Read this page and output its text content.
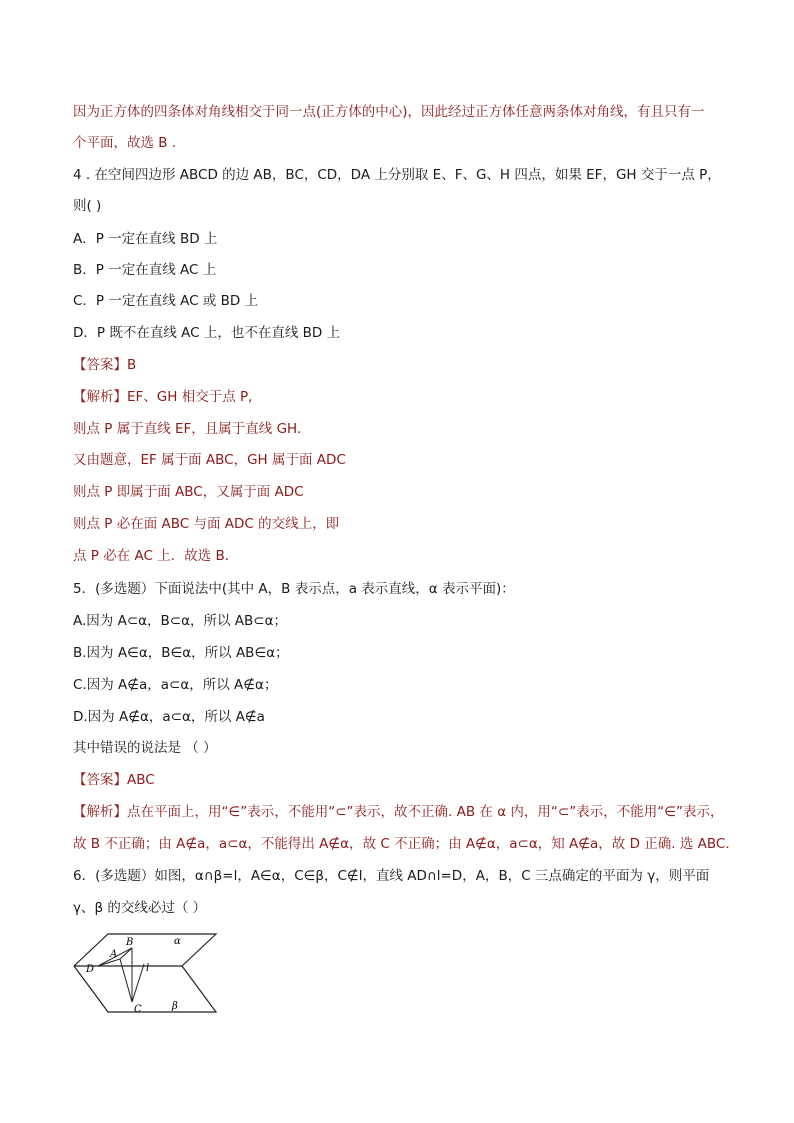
因为正方体的四条体对角线相交于同一点(正方体的中心)，因此经过正方体任意两条体对角线，有且只有一
个平面，故选 B .
4 . 在空间四边形 ABCD 的边 AB，BC，CD，DA 上分别取 E、F、G、H 四点，如果 EF，GH 交于一点 P，
则( )
A．P 一定在直线 BD 上
B．P 一定在直线 AC 上
C．P 一定在直线 AC 或 BD 上
D．P 既不在直线 AC 上，也不在直线 BD 上
【答案】B
【解析】EF、GH 相交于点 P,
则点 P 属于直线 EF，且属于直线 GH.
又由题意，EF 属于面 ABC，GH 属于面 ADC
则点 P 即属于面 ABC，又属于面 ADC
则点 P 必在面 ABC 与面 ADC 的交线上，即
点 P 必在 AC 上．故选 B．
5．(多选题）下面说法中(其中 A，B 表示点，a 表示直线，α 表示平面)：
A.因为 A⊂α，B⊂α，所以 AB⊂α；
B.因为 A∈α，B∈α，所以 AB∈α；
C.因为 A∉a，a⊂α，所以 A∉α；
D.因为 A∉α，a⊂α，所以 A∉a
其中错误的说法是 （ ）
【答案】ABC
【解析】点在平面上，用“∈”表示，不能用“⊂”表示，故不正确. AB 在 α 内，用“⊂”表示，不能用“∈”表示，
故 B 不正确；由 A∉a，a⊂α，不能得出 A∉α，故 C 不正确；由 A∉α，a⊂α，知 A∉a，故 D 正确. 选 ABC.
6．(多选题）如图，α∩β=l，A∈α，C∈β，C∉l，直线 AD∩l=D，A，B，C 三点确定的平面为 γ，则平面
γ、β 的交线必过（ ）
B
A
D	l
C
α
β
